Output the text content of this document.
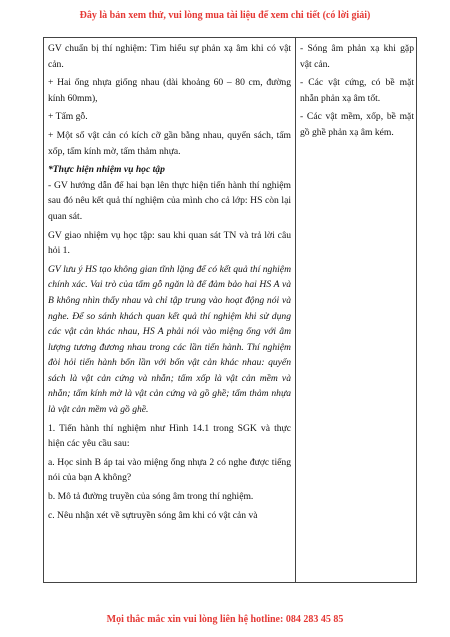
Đây là bản xem thử, vui lòng mua tài liệu để xem chi tiết (có lời giải)

GV chuẩn bị thí nghiệm: Tìm hiểu sự phản xạ âm khi có vật cản.

+ Hai ống nhựa giống nhau (dài khoảng 60 – 80 cm, đường kính 60mm),

+ Tấm gỗ.

+ Một số vật cản có kích cỡ gần bằng nhau, quyển sách, tấm xốp, tấm kính mờ, tấm thảm nhựa.

*Thực hiện nhiệm vụ học tập

- GV hướng dẫn để hai bạn lên thực hiện tiến hành thí nghiệm sau đó nêu kết quả thí nghiệm của mình cho cả lớp: HS còn lại quan sát.

GV giao nhiệm vụ học tập: sau khi quan sát TN và trả lời câu hỏi 1.

GV lưu ý HS tạo không gian tĩnh lặng để có kết quả thí nghiệm chính xác. Vai trò của tấm gỗ ngăn là để đảm bảo hai HS A và B không nhìn thấy nhau và chỉ tập trung vào hoạt động nói và nghe. Để so sánh khách quan kết quả thí nghiệm khi sử dụng các vật cản khác nhau, HS A phải nói vào miệng ống với âm lượng tương đương nhau trong các lần tiến hành. Thí nghiệm đòi hỏi tiến hành bốn lần với bốn vật cản khác nhau: quyển sách là vật cản cứng và nhẵn; tấm xốp là vật cản mềm và nhẵn; tấm kính mờ là vật cản cứng và gồ ghề; tấm thảm nhựa là vật cản mềm và gồ ghề.

1. Tiến hành thí nghiệm như Hình 14.1 trong SGK và thực hiện các yêu cầu sau:

a. Học sinh B áp tai vào miệng ống nhựa 2 có nghe được tiếng nói của bạn A không?

b. Mô tả đường truyền của sóng âm trong thí nghiệm.

c. Nêu nhận xét về sựtruyền sóng âm khi có vật cản và

- Sóng âm phản xạ khi gặp vật cản.

- Các vật cứng, có bề mặt nhẵn phản xạ âm tốt.

- Các vật mềm, xốp, bề mặt gồ ghề phản xạ âm kém.

Mọi thắc mắc xin vui lòng liên hệ hotline: 084 283 45 85
